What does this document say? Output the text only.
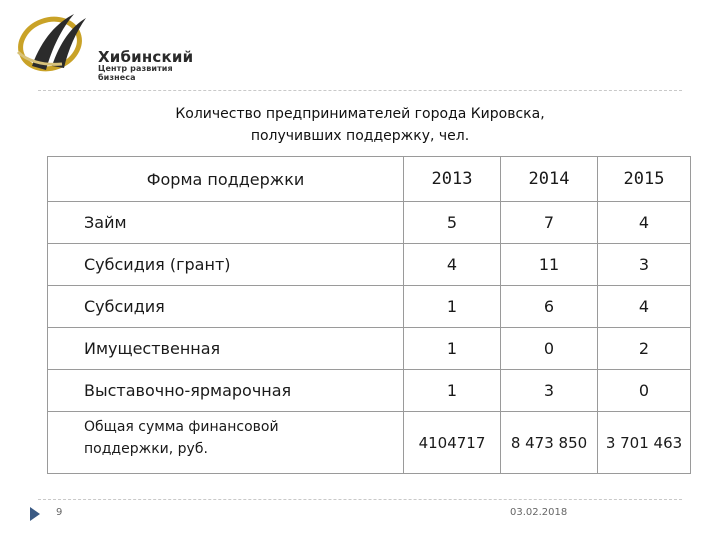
Хибинский
Центр развития бизнеса
Количество предпринимателей города Кировска,
получивших поддержку, чел.
Форма поддержки	2013	2014	2015
Займ	5	7	4
Субсидия (грант)	4	11	3
Субсидия	1	6	4
Имущественная	1	0	2
Выставочно-ярмарочная	1	3	0

Общая сумма финансовой
поддержки, руб.	4104717	8 473 850	3 701 463
9	03.02.2018
